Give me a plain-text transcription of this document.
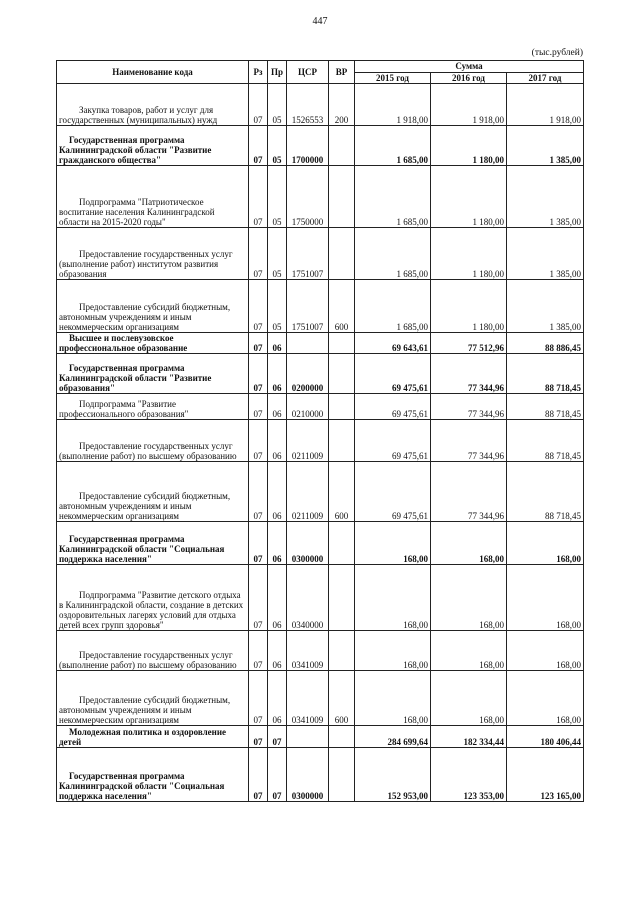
447
(тыс.рублей)
Наименование кода	Рз	Пр	ЦСР	ВР	Сумма		
					2015 год	2016 год	2017 год

Закупка товаров, работ и услуг для государственных (муниципальных) нужд	07	05	1526553	200	1 918,00	1 918,00	1 918,00

Государственная программа Калининградской области "Развитие гражданского общества"	07	05	1700000		1 685,00	1 180,00	1 385,00

Подпрограмма "Патриотическое воспитание населения Калининградской области на 2015-2020 годы"	07	05	1750000		1 685,00	1 180,00	1 385,00

Предоставление государственных услуг (выполнение работ) институтом развития образования	07	05	1751007		1 685,00	1 180,00	1 385,00

Предоставление субсидий бюджетным, автономным учреждениям и иным некоммерческим организациям	07	05	1751007	600	1 685,00	1 180,00	1 385,00

Высшее и послевузовское профессиональное образование	07	06			69 643,61	77 512,96	88 886,45

Государственная программа Калининградской области "Развитие образования"	07	06	0200000		69 475,61	77 344,96	88 718,45

Подпрограмма "Развитие профессионального образования"	07	06	0210000		69 475,61	77 344,96	88 718,45

Предоставление государственных услуг (выполнение работ) по высшему образованию	07	06	0211009		69 475,61	77 344,96	88 718,45

Предоставление субсидий бюджетным, автономным учреждениям и иным некоммерческим организациям	07	06	0211009	600	69 475,61	77 344,96	88 718,45

Государственная программа Калининградской области "Социальная поддержка населения"	07	06	0300000		168,00	168,00	168,00

Подпрограмма "Развитие детского отдыха в Калининградской области, создание в детских оздоровительных лагерях условий для отдыха детей всех групп здоровья"	07	06	0340000		168,00	168,00	168,00

Предоставление государственных услуг (выполнение работ) по высшему образованию	07	06	0341009		168,00	168,00	168,00

Предоставление субсидий бюджетным, автономным учреждениям и иным некоммерческим организациям	07	06	0341009	600	168,00	168,00	168,00

Молодежная политика и оздоровление детей	07	07			284 699,64	182 334,44	180 406,44

Государственная программа Калининградской области "Социальная поддержка населения"	07	07	0300000		152 953,00	123 353,00	123 165,00
